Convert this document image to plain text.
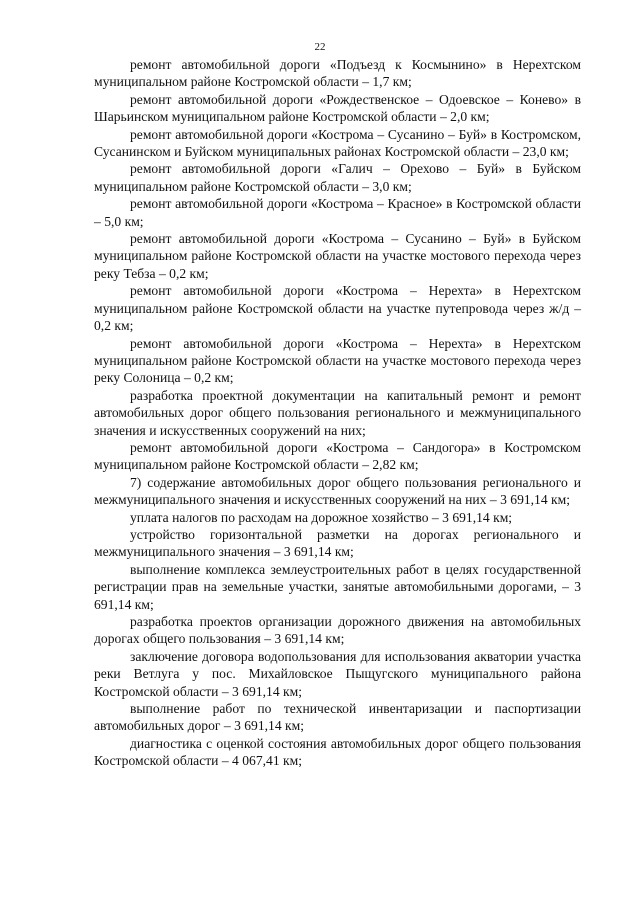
22

ремонт автомобильной дороги «Подъезд к Космынино» в Нерехтском муниципальном районе Костромской области – 1,7 км;

ремонт автомобильной дороги «Рождественское – Одоевское – Конево» в Шарьинском муниципальном районе Костромской области – 2,0 км;

ремонт автомобильной дороги «Кострома – Сусанино – Буй» в Костромском, Сусанинском и Буйском муниципальных районах Костромской области – 23,0 км;

ремонт автомобильной дороги «Галич – Орехово – Буй» в Буйском муниципальном районе Костромской области – 3,0 км;

ремонт автомобильной дороги «Кострома – Красное» в Костромской области – 5,0 км;

ремонт автомобильной дороги «Кострома – Сусанино – Буй» в Буйском муниципальном районе Костромской области на участке мостового перехода через реку Тебза – 0,2 км;

ремонт автомобильной дороги «Кострома – Нерехта» в Нерехтском муниципальном районе Костромской области на участке путепровода через ж/д – 0,2 км;

ремонт автомобильной дороги «Кострома – Нерехта» в Нерехтском муниципальном районе Костромской области на участке мостового перехода через реку Солоница – 0,2 км;

разработка проектной документации на капитальный ремонт и ремонт автомобильных дорог общего пользования регионального и межмуниципального значения и искусственных сооружений на них;

ремонт автомобильной дороги «Кострома – Сандогора» в Костромском муниципальном районе Костромской области – 2,82 км;

7) содержание автомобильных дорог общего пользования регионального и межмуниципального значения и искусственных сооружений на них – 3 691,14 км;

уплата налогов по расходам на дорожное хозяйство – 3 691,14 км;

устройство горизонтальной разметки на дорогах регионального и межмуниципального значения – 3 691,14 км;

выполнение комплекса землеустроительных работ в целях государственной регистрации прав на земельные участки, занятые автомобильными дорогами, – 3 691,14 км;

разработка проектов организации дорожного движения на автомобильных дорогах общего пользования – 3 691,14 км;

заключение договора водопользования для использования акватории участка реки Ветлуга у пос. Михайловское Пыщугского муниципального района Костромской области – 3 691,14 км;

выполнение работ по технической инвентаризации и паспортизации автомобильных дорог – 3 691,14 км;

диагностика с оценкой состояния автомобильных дорог общего пользования Костромской области – 4 067,41 км;
